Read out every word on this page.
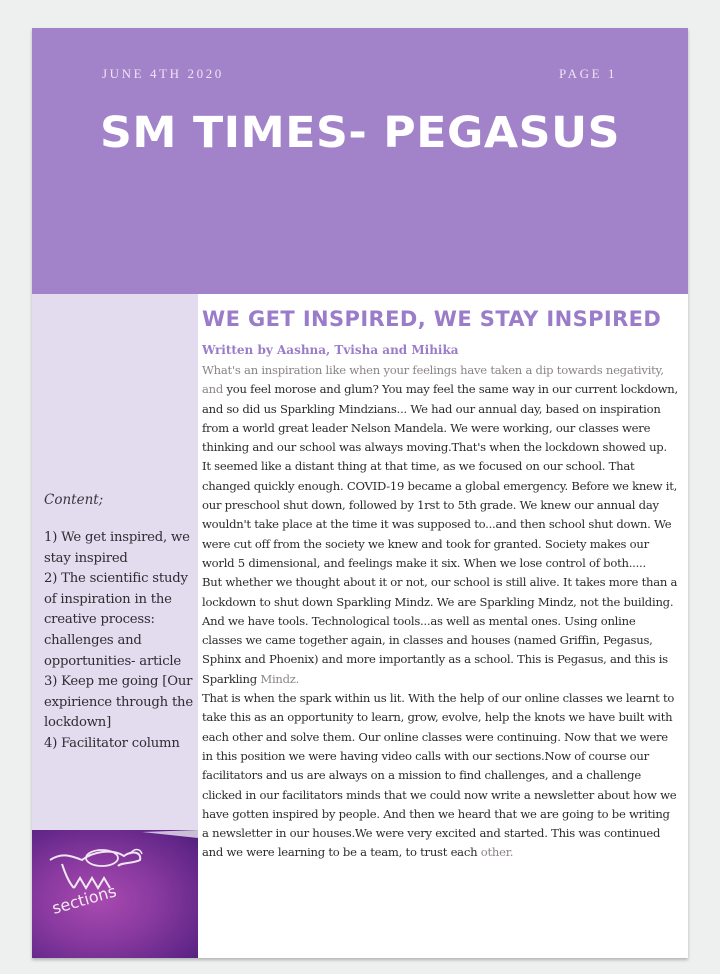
JUNE 4TH 2020	PAGE 1
SM TIMES- PEGASUS
Content;
1) We get inspired, we stay inspired
2) The scientific study of inspiration in the creative process: challenges and opportunities- article
3) Keep me going [Our expirience through the lockdown]
4) Facilitator column
sections
WE GET INSPIRED, WE STAY INSPIRED
Written by Aashna, Tvisha and Mihika

What's an inspiration like when your feelings have taken a dip towards negativity, and you feel morose and glum? You may feel the same way in our current lockdown, and so did us Sparkling Mindzians... We had our annual day, based on inspiration from a world great leader Nelson Mandela. We were working, our classes were thinking and our school was always moving.That's when the lockdown showed up. It seemed like a distant thing at that time, as we focused on our school. That changed quickly enough. COVID-19 became a global emergency. Before we knew it, our preschool shut down, followed by 1rst to 5th grade. We knew our annual day wouldn't take place at the time it was supposed to...and then school shut down. We were cut off from the society we knew and took for granted. Society makes our world 5 dimensional, and feelings make it six. When we lose control of both.....

But whether we thought about it or not, our school is still alive. It takes more than a lockdown to shut down Sparkling Mindz. We are Sparkling Mindz, not the building. And we have tools. Technological tools...as well as mental ones. Using online classes we came together again, in classes and houses (named Griffin, Pegasus, Sphinx and Phoenix) and more importantly as a school. This is Pegasus, and this is Sparkling Mindz.

That is when the spark within us lit. With the help of our online classes we learnt to take this as an opportunity to learn, grow, evolve, help the knots we have built with each other and solve them. Our online classes were continuing. Now that we were in this position we were having video calls with our sections.Now of course our facilitators and us are always on a mission to find challenges, and a challenge clicked in our facilitators minds that we could now write a newsletter about how we have gotten inspired by people. And then we heard that we are going to be writing a newsletter in our houses.We were very excited and started. This was continued and we were learning to be a team, to trust each other.
